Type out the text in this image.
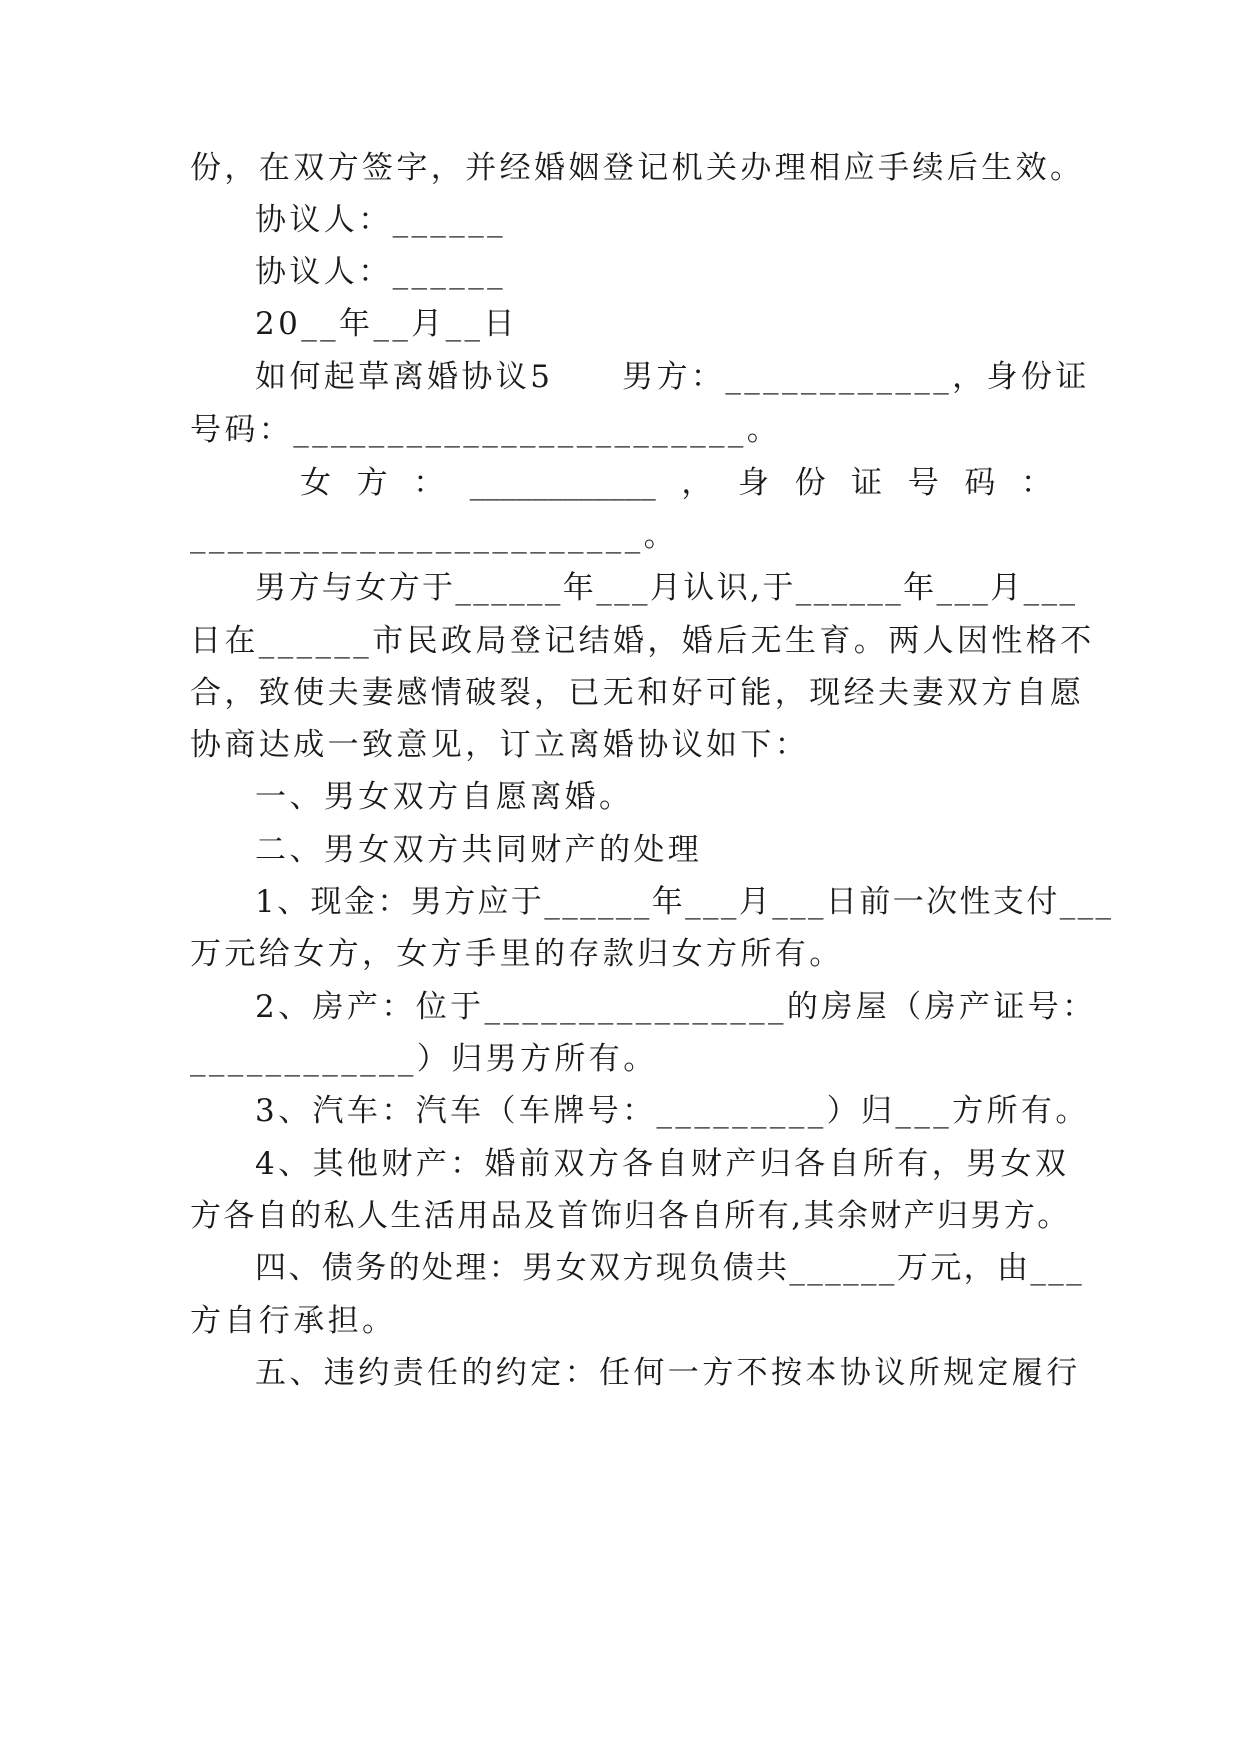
份，在双方签字，并经婚姻登记机关办理相应手续后生效。
协议人：______
协议人：______
20__年__月__日
如何起草离婚协议5　　男方：____________，身份证
号码：________________________。
女 方 ： ____________ ， 身 份 证 号 码 ：
________________________。
男方与女方于______年___月认识,于______年___月___
日在______市民政局登记结婚，婚后无生育。两人因性格不
合，致使夫妻感情破裂，已无和好可能，现经夫妻双方自愿
协商达成一致意见，订立离婚协议如下：
一、男女双方自愿离婚。
二、男女双方共同财产的处理
1、现金：男方应于______年___月___日前一次性支付___
万元给女方，女方手里的存款归女方所有。
2、房产：位于________________的房屋（房产证号：
____________）归男方所有。
3、汽车：汽车（车牌号：_________）归___方所有。
4、其他财产：婚前双方各自财产归各自所有，男女双
方各自的私人生活用品及首饰归各自所有,其余财产归男方。
四、债务的处理：男女双方现负债共______万元，由___
方自行承担。
五、违约责任的约定：任何一方不按本协议所规定履行
